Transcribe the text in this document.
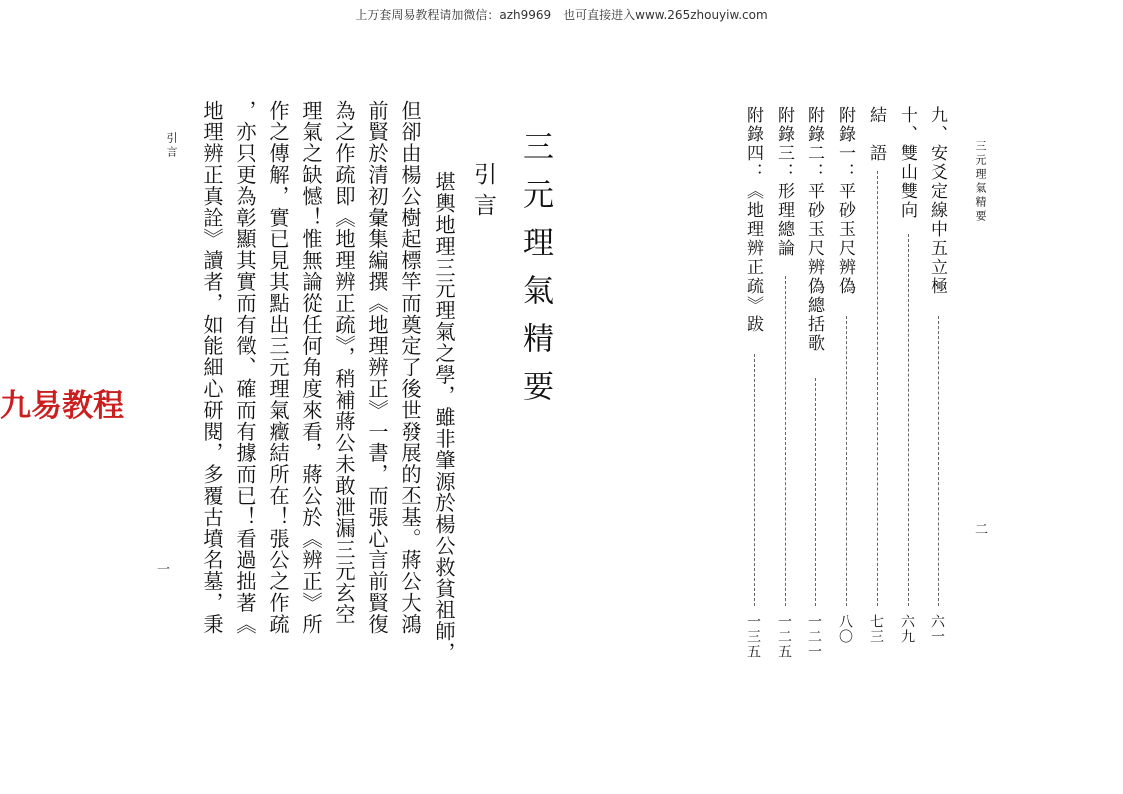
上万套周易教程请加微信：azh9969　也可直接进入www.265zhouyiw.com
九易教程
引言
一
三元理氣精要
引言
　堪輿地理三元理氣之學，雖非肇源於楊公救貧祖師，
但卻由楊公樹起標竿而奠定了後世發展的丕基。蔣公大鴻
前賢於清初彙集編撰《地理辨正》一書，而張心言前賢復
為之作疏即《地理辨正疏》，稍補蔣公未敢泄漏三元玄空
理氣之缺憾！惟無論從任何角度來看，蔣公於《辨正》所
作之傳解，實已見其點出三元理氣癥結所在！張公之作疏
，亦只更為彰顯其實而有徵、確而有據而已！看過拙著《
地理辨正真詮》讀者，如能細心研閱，多覆古墳名墓，秉	三元理氣精要
二
九、安爻定線中五立極
六一
十、雙山雙向
六九
結　語
七三
附錄一：平砂玉尺辨偽
八〇
附錄二：平砂玉尺辨偽總括歌
一二一
附錄三：形理總論
一二五
附錄四：《地理辨正疏》跋
一三五
